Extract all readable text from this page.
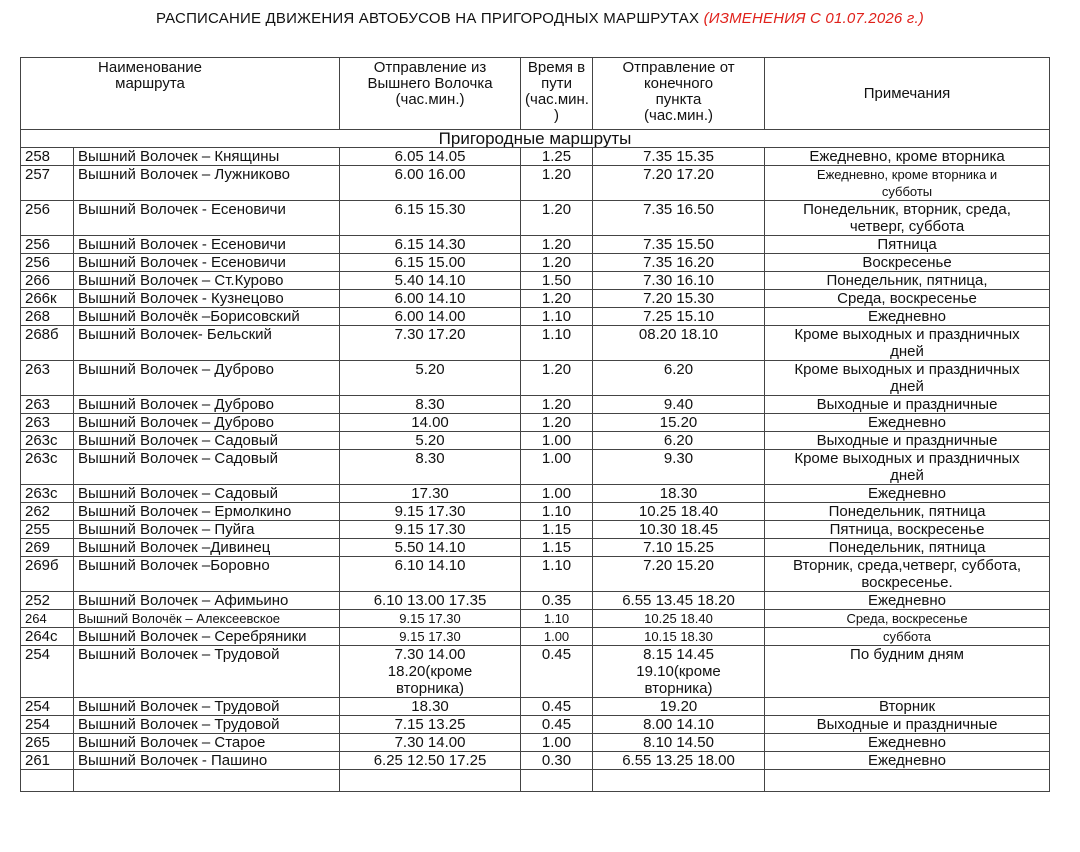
РАСПИСАНИЕ ДВИЖЕНИЯ АВТОБУСОВ НА ПРИГОРОДНЫХ МАРШРУТАХ (ИЗМЕНЕНИЯ С 01.07.2026 г.)
Наименование
маршрута		Отправление из
Вышнего Волочка
(час.мин.)	Время в
пути
(час.мин.
)	Отправление от
конечного
пункта
(час.мин.)	Примечания

Пригородные маршруты					
258	Вышний Волочек – Княщины	6.05 14.05	1.25	7.35 15.35	Ежедневно, кроме вторника
257	Вышний Волочек – Лужниково	6.00 16.00	1.20	7.20 17.20	Ежедневно, кроме вторника и
субботы
256	Вышний Волочек - Есеновичи	6.15 15.30	1.20	7.35 16.50	Понедельник, вторник, среда,
четверг, суббота
256	Вышний Волочек - Есеновичи	6.15 14.30	1.20	7.35 15.50	Пятница
256	Вышний Волочек - Есеновичи	6.15 15.00	1.20	7.35 16.20	Воскресенье
266	Вышний Волочек – Ст.Курово	5.40 14.10	1.50	7.30 16.10	Понедельник, пятница,
266к	Вышний Волочек - Кузнецово	6.00 14.10	1.20	7.20 15.30	Среда, воскресенье
268	Вышний Волочёк –Борисовский	6.00 14.00	1.10	7.25 15.10	Ежедневно
268б	Вышний Волочек- Бельский	7.30 17.20	1.10	08.20 18.10	Кроме выходных и праздничных
дней
263	Вышний Волочек – Дуброво	5.20	1.20	6.20	Кроме выходных и праздничных
дней
263	Вышний Волочек – Дуброво	8.30	1.20	9.40	Выходные и праздничные
263	Вышний Волочек – Дуброво	14.00	1.20	15.20	Ежедневно
263с	Вышний Волочек – Садовый	5.20	1.00	6.20	Выходные и праздничные
263с	Вышний Волочек – Садовый	8.30	1.00	9.30	Кроме выходных и праздничных
дней
263с	Вышний Волочек – Садовый	17.30	1.00	18.30	Ежедневно
262	Вышний Волочек – Ермолкино	9.15 17.30	1.10	10.25 18.40	Понедельник, пятница
255	Вышний Волочек – Пуйга	9.15 17.30	1.15	10.30 18.45	Пятница, воскресенье
269	Вышний Волочек –Дивинец	5.50 14.10	1.15	7.10 15.25	Понедельник, пятница
269б	Вышний Волочек –Боровно	6.10 14.10	1.10	7.20 15.20	Вторник, среда,четверг, суббота,
воскресенье.
252	Вышний Волочек – Афимьино	6.10 13.00 17.35	0.35	6.55 13.45 18.20	Ежедневно
264	Вышний Волочёк – Алексеевское	9.15 17.30	1.10	10.25 18.40	Среда, воскресенье
264с	Вышний Волочек – Серебряники	9.15 17.30	1.00	10.15 18.30	суббота
254	Вышний Волочек – Трудовой	7.30 14.00
18.20(кроме
вторника)	0.45	8.15 14.45
19.10(кроме
вторника)	По будним дням
254	Вышний Волочек – Трудовой	18.30	0.45	19.20	Вторник
254	Вышний Волочек – Трудовой	7.15 13.25	0.45	8.00 14.10	Выходные и праздничные
265	Вышний Волочек – Старое	7.30 14.00	1.00	8.10 14.50	Ежедневно
261	Вышний Волочек - Пашино	6.25 12.50 17.25	0.30	6.55 13.25 18.00	Ежедневно
